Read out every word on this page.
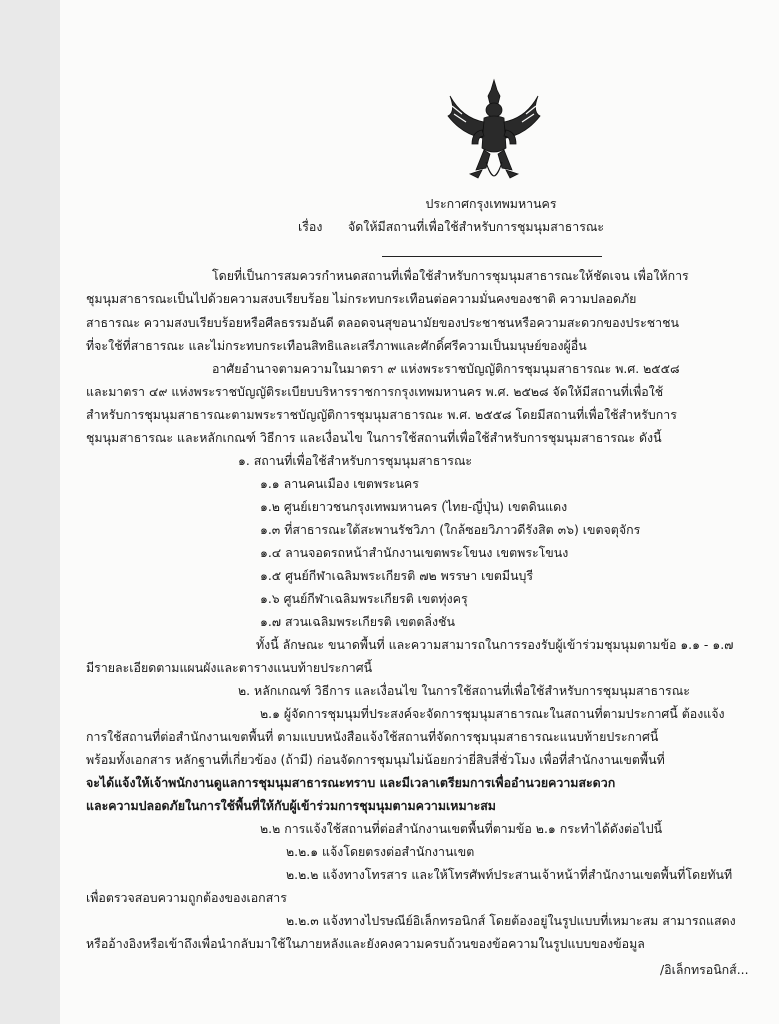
ประกาศกรุงเทพมหานคร
เรื่อง จัดให้มีสถานที่เพื่อใช้สำหรับการชุมนุมสาธารณะ
โดยที่เป็นการสมควรกำหนดสถานที่เพื่อใช้สำหรับการชุมนุมสาธารณะให้ชัดเจน เพื่อให้การ
ชุมนุมสาธารณะเป็นไปด้วยความสงบเรียบร้อย ไม่กระทบกระเทือนต่อความมั่นคงของชาติ ความปลอดภัย
สาธารณะ ความสงบเรียบร้อยหรือศีลธรรมอันดี ตลอดจนสุขอนามัยของประชาชนหรือความสะดวกของประชาชน
ที่จะใช้ที่สาธารณะ และไม่กระทบกระเทือนสิทธิและเสรีภาพและศักดิ์ศรีความเป็นมนุษย์ของผู้อื่น
อาศัยอำนาจตามความในมาตรา ๙ แห่งพระราชบัญญัติการชุมนุมสาธารณะ พ.ศ. ๒๕๕๘
และมาตรา ๔๙ แห่งพระราชบัญญัติระเบียบบริหารราชการกรุงเทพมหานคร พ.ศ. ๒๕๒๘ จัดให้มีสถานที่เพื่อใช้
สำหรับการชุมนุมสาธารณะตามพระราชบัญญัติการชุมนุมสาธารณะ พ.ศ. ๒๕๕๘ โดยมีสถานที่เพื่อใช้สำหรับการ
ชุมนุมสาธารณะ และหลักเกณฑ์ วิธีการ และเงื่อนไข ในการใช้สถานที่เพื่อใช้สำหรับการชุมนุมสาธารณะ ดังนี้
๑. สถานที่เพื่อใช้สำหรับการชุมนุมสาธารณะ
๑.๑ ลานคนเมือง เขตพระนคร
๑.๒ ศูนย์เยาวชนกรุงเทพมหานคร (ไทย-ญี่ปุ่น) เขตดินแดง
๑.๓ ที่สาธารณะใต้สะพานรัชวิภา (ใกล้ซอยวิภาวดีรังสิต ๓๖) เขตจตุจักร
๑.๔ ลานจอดรถหน้าสำนักงานเขตพระโขนง เขตพระโขนง
๑.๕ ศูนย์กีฬาเฉลิมพระเกียรติ ๗๒ พรรษา เขตมีนบุรี
๑.๖ ศูนย์กีฬาเฉลิมพระเกียรติ เขตทุ่งครุ
๑.๗ สวนเฉลิมพระเกียรติ เขตตลิ่งชัน
ทั้งนี้ ลักษณะ ขนาดพื้นที่ และความสามารถในการรองรับผู้เข้าร่วมชุมนุมตามข้อ ๑.๑ - ๑.๗
มีรายละเอียดตามแผนผังและตารางแนบท้ายประกาศนี้
๒. หลักเกณฑ์ วิธีการ และเงื่อนไข ในการใช้สถานที่เพื่อใช้สำหรับการชุมนุมสาธารณะ
๒.๑ ผู้จัดการชุมนุมที่ประสงค์จะจัดการชุมนุมสาธารณะในสถานที่ตามประกาศนี้ ต้องแจ้ง
การใช้สถานที่ต่อสำนักงานเขตพื้นที่ ตามแบบหนังสือแจ้งใช้สถานที่จัดการชุมนุมสาธารณะแนบท้ายประกาศนี้
พร้อมทั้งเอกสาร หลักฐานที่เกี่ยวข้อง (ถ้ามี) ก่อนจัดการชุมนุมไม่น้อยกว่ายี่สิบสี่ชั่วโมง เพื่อที่สำนักงานเขตพื้นที่
จะได้แจ้งให้เจ้าพนักงานดูแลการชุมนุมสาธารณะทราบ และมีเวลาเตรียมการเพื่ออำนวยความสะดวก
และความปลอดภัยในการใช้พื้นที่ให้กับผู้เข้าร่วมการชุมนุมตามความเหมาะสม
๒.๒ การแจ้งใช้สถานที่ต่อสำนักงานเขตพื้นที่ตามข้อ ๒.๑ กระทำได้ดังต่อไปนี้
๒.๒.๑ แจ้งโดยตรงต่อสำนักงานเขต
๒.๒.๒ แจ้งทางโทรสาร และให้โทรศัพท์ประสานเจ้าหน้าที่สำนักงานเขตพื้นที่โดยทันที
เพื่อตรวจสอบความถูกต้องของเอกสาร
๒.๒.๓ แจ้งทางไปรษณีย์อิเล็กทรอนิกส์ โดยต้องอยู่ในรูปแบบที่เหมาะสม สามารถแสดง
หรืออ้างอิงหรือเข้าถึงเพื่อนำกลับมาใช้ในภายหลังและยังคงความครบถ้วนของข้อความในรูปแบบของข้อมูล
/อิเล็กทรอนิกส์...
